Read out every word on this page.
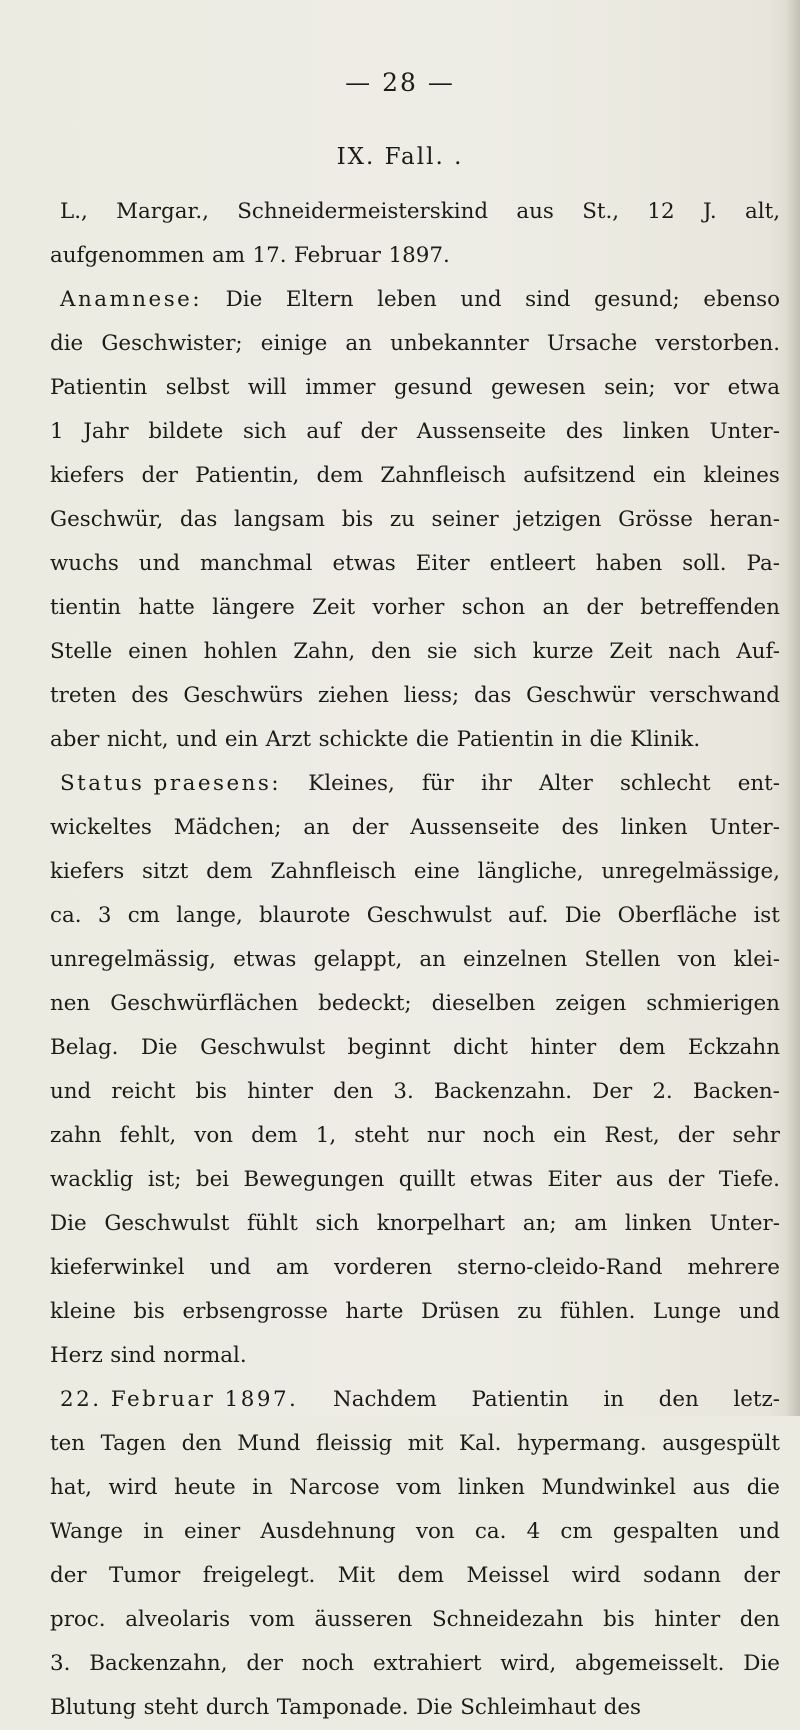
— 28 —
IX. Fall. .
L., Margar., Schneidermeisterskind aus St., 12 J. alt,
aufgenommen am 17. Februar 1897.
Anamnese: Die Eltern leben und sind gesund; ebenso
die Geschwister; einige an unbekannter Ursache verstorben.
Patientin selbst will immer gesund gewesen sein; vor etwa
1 Jahr bildete sich auf der Aussenseite des linken Unter-
kiefers der Patientin, dem Zahnfleisch aufsitzend ein kleines
Geschwür, das langsam bis zu seiner jetzigen Grösse heran-
wuchs und manchmal etwas Eiter entleert haben soll. Pa-
tientin hatte längere Zeit vorher schon an der betreffenden
Stelle einen hohlen Zahn, den sie sich kurze Zeit nach Auf-
treten des Geschwürs ziehen liess; das Geschwür verschwand
aber nicht, und ein Arzt schickte die Patientin in die Klinik.
Status praesens: Kleines, für ihr Alter schlecht ent-
wickeltes Mädchen; an der Aussenseite des linken Unter-
kiefers sitzt dem Zahnfleisch eine längliche, unregelmässige,
ca. 3 cm lange, blaurote Geschwulst auf. Die Oberfläche ist
unregelmässig, etwas gelappt, an einzelnen Stellen von klei-
nen Geschwürflächen bedeckt; dieselben zeigen schmierigen
Belag. Die Geschwulst beginnt dicht hinter dem Eckzahn
und reicht bis hinter den 3. Backenzahn. Der 2. Backen-
zahn fehlt, von dem 1, steht nur noch ein Rest, der sehr
wacklig ist; bei Bewegungen quillt etwas Eiter aus der Tiefe.
Die Geschwulst fühlt sich knorpelhart an; am linken Unter-
kieferwinkel und am vorderen sterno-cleido-Rand mehrere
kleine bis erbsengrosse harte Drüsen zu fühlen. Lunge und
Herz sind normal.
22. Februar 1897. Nachdem Patientin in den letz-
ten Tagen den Mund fleissig mit Kal. hypermang. ausgespült
hat, wird heute in Narcose vom linken Mundwinkel aus die
Wange in einer Ausdehnung von ca. 4 cm gespalten und
der Tumor freigelegt. Mit dem Meissel wird sodann der
proc. alveolaris vom äusseren Schneidezahn bis hinter den
3. Backenzahn, der noch extrahiert wird, abgemeisselt. Die
Blutung steht durch Tamponade. Die Schleimhaut des
